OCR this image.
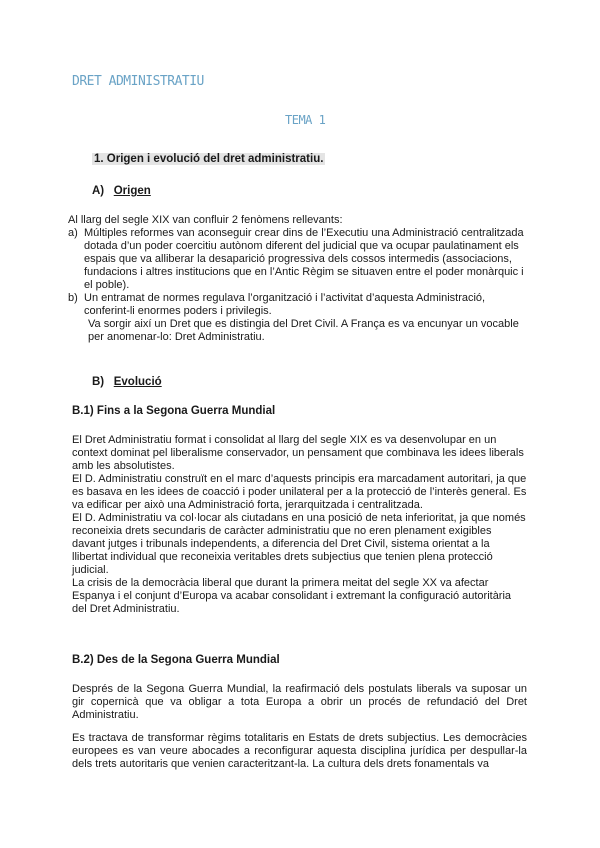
DRET ADMINISTRATIU
TEMA 1
1. Origen i evolució del dret administratiu.
A) Origen

Al llarg del segle XIX van confluir 2 fenòmens rellevants:

a) Múltiples reformes van aconseguir crear dins de l’Executiu una Administració centralitzada dotada d’un poder coercitiu autònom diferent del judicial que va ocupar paulatinament els espais que va alliberar la desaparició progressiva dels cossos intermedis (associacions, fundacions i altres institucions que en l’Antic Règim se situaven entre el poder monàrquic i el poble).
b) Un entramat de normes regulava l’organització i l’activitat d’aquesta Administració, conferint-li enormes poders i privilegis.

Va sorgir així un Dret que es distingia del Dret Civil. A França es va encunyar un vocable per anomenar-lo: Dret Administratiu.

B) Evolució
B.1) Fins a la Segona Guerra Mundial

El Dret Administratiu format i consolidat al llarg del segle XIX es va desenvolupar en un context dominat pel liberalisme conservador, un pensament que combinava les idees liberals amb les absolutistes.

El D. Administratiu construït en el marc d’aquests principis era marcadament autoritari, ja que es basava en les idees de coacció i poder unilateral per a la protecció de l’interès general. Es va edificar per això una Administració forta, jerarquitzada i centralitzada.

El D. Administratiu va col·locar als ciutadans en una posició de neta inferioritat, ja que només reconeixia drets secundaris de caràcter administratiu que no eren plenament exigibles davant jutges i tribunals independents, a diferencia del Dret Civil, sistema orientat a la llibertat individual que reconeixia veritables drets subjectius que tenien plena protecció judicial.

La crisis de la democràcia liberal que durant la primera meitat del segle XX va afectar Espanya i el conjunt d’Europa va acabar consolidant i extremant la configuració autoritària del Dret Administratiu.

B.2) Des de la Segona Guerra Mundial

Després de la Segona Guerra Mundial, la reafirmació dels postulats liberals va suposar un gir copernicà que va obligar a tota Europa a obrir un procés de refundació del Dret Administratiu.

Es tractava de transformar règims totalitaris en Estats de drets subjectius. Les democràcies europees es van veure abocades a reconfigurar aquesta disciplina jurídica per despullar-la dels trets autoritaris que venien caracteritzant-la. La cultura dels drets fonamentals va
